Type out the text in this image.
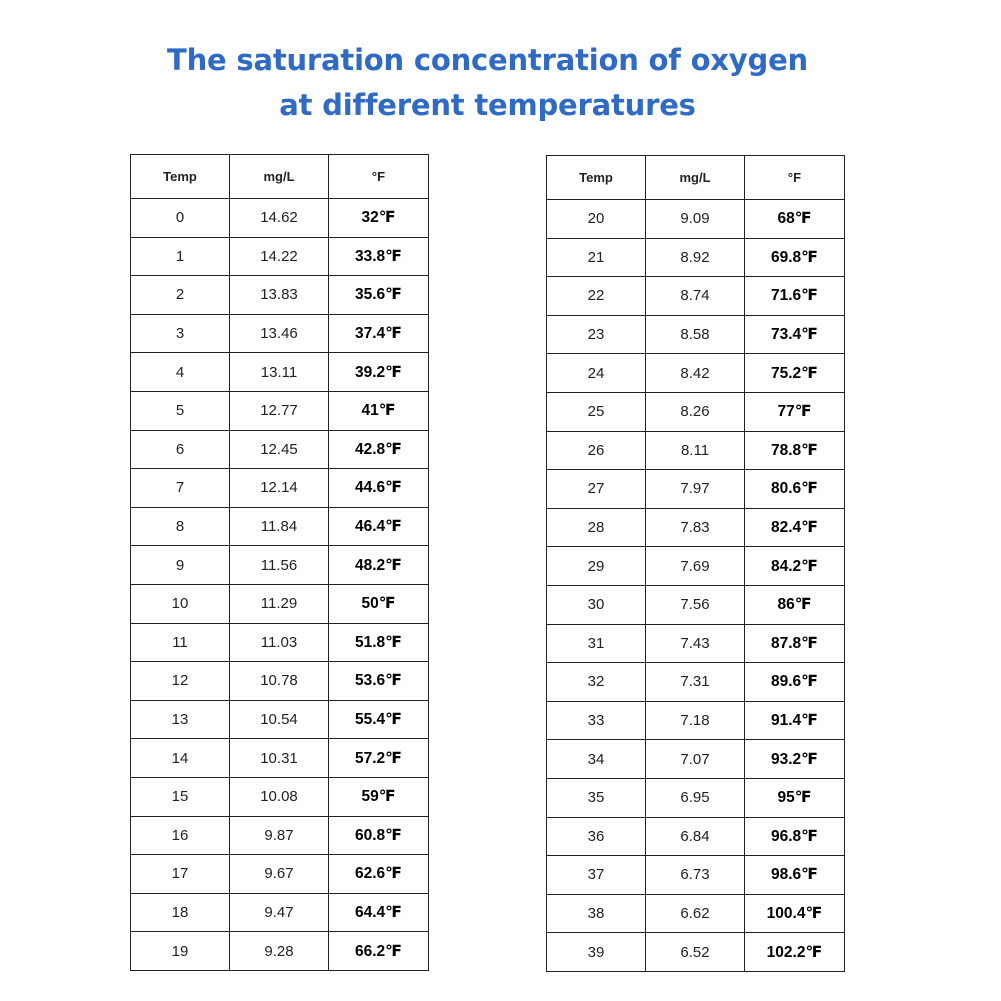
The saturation concentration of oxygen
at different temperatures
Temp	mg/L	°F
0	14.62	32℉
1	14.22	33.8℉
2	13.83	35.6℉
3	13.46	37.4℉
4	13.11	39.2℉
5	12.77	41℉
6	12.45	42.8℉
7	12.14	44.6℉
8	11.84	46.4℉
9	11.56	48.2℉
10	11.29	50℉
11	11.03	51.8℉
12	10.78	53.6℉
13	10.54	55.4℉
14	10.31	57.2℉
15	10.08	59℉
16	9.87	60.8℉
17	9.67	62.6℉
18	9.47	64.4℉
19	9.28	66.2℉
Temp	mg/L	°F
20	9.09	68℉
21	8.92	69.8℉
22	8.74	71.6℉
23	8.58	73.4℉
24	8.42	75.2℉
25	8.26	77℉
26	8.11	78.8℉
27	7.97	80.6℉
28	7.83	82.4℉
29	7.69	84.2℉
30	7.56	86℉
31	7.43	87.8℉
32	7.31	89.6℉
33	7.18	91.4℉
34	7.07	93.2℉
35	6.95	95℉
36	6.84	96.8℉
37	6.73	98.6℉
38	6.62	100.4℉
39	6.52	102.2℉
